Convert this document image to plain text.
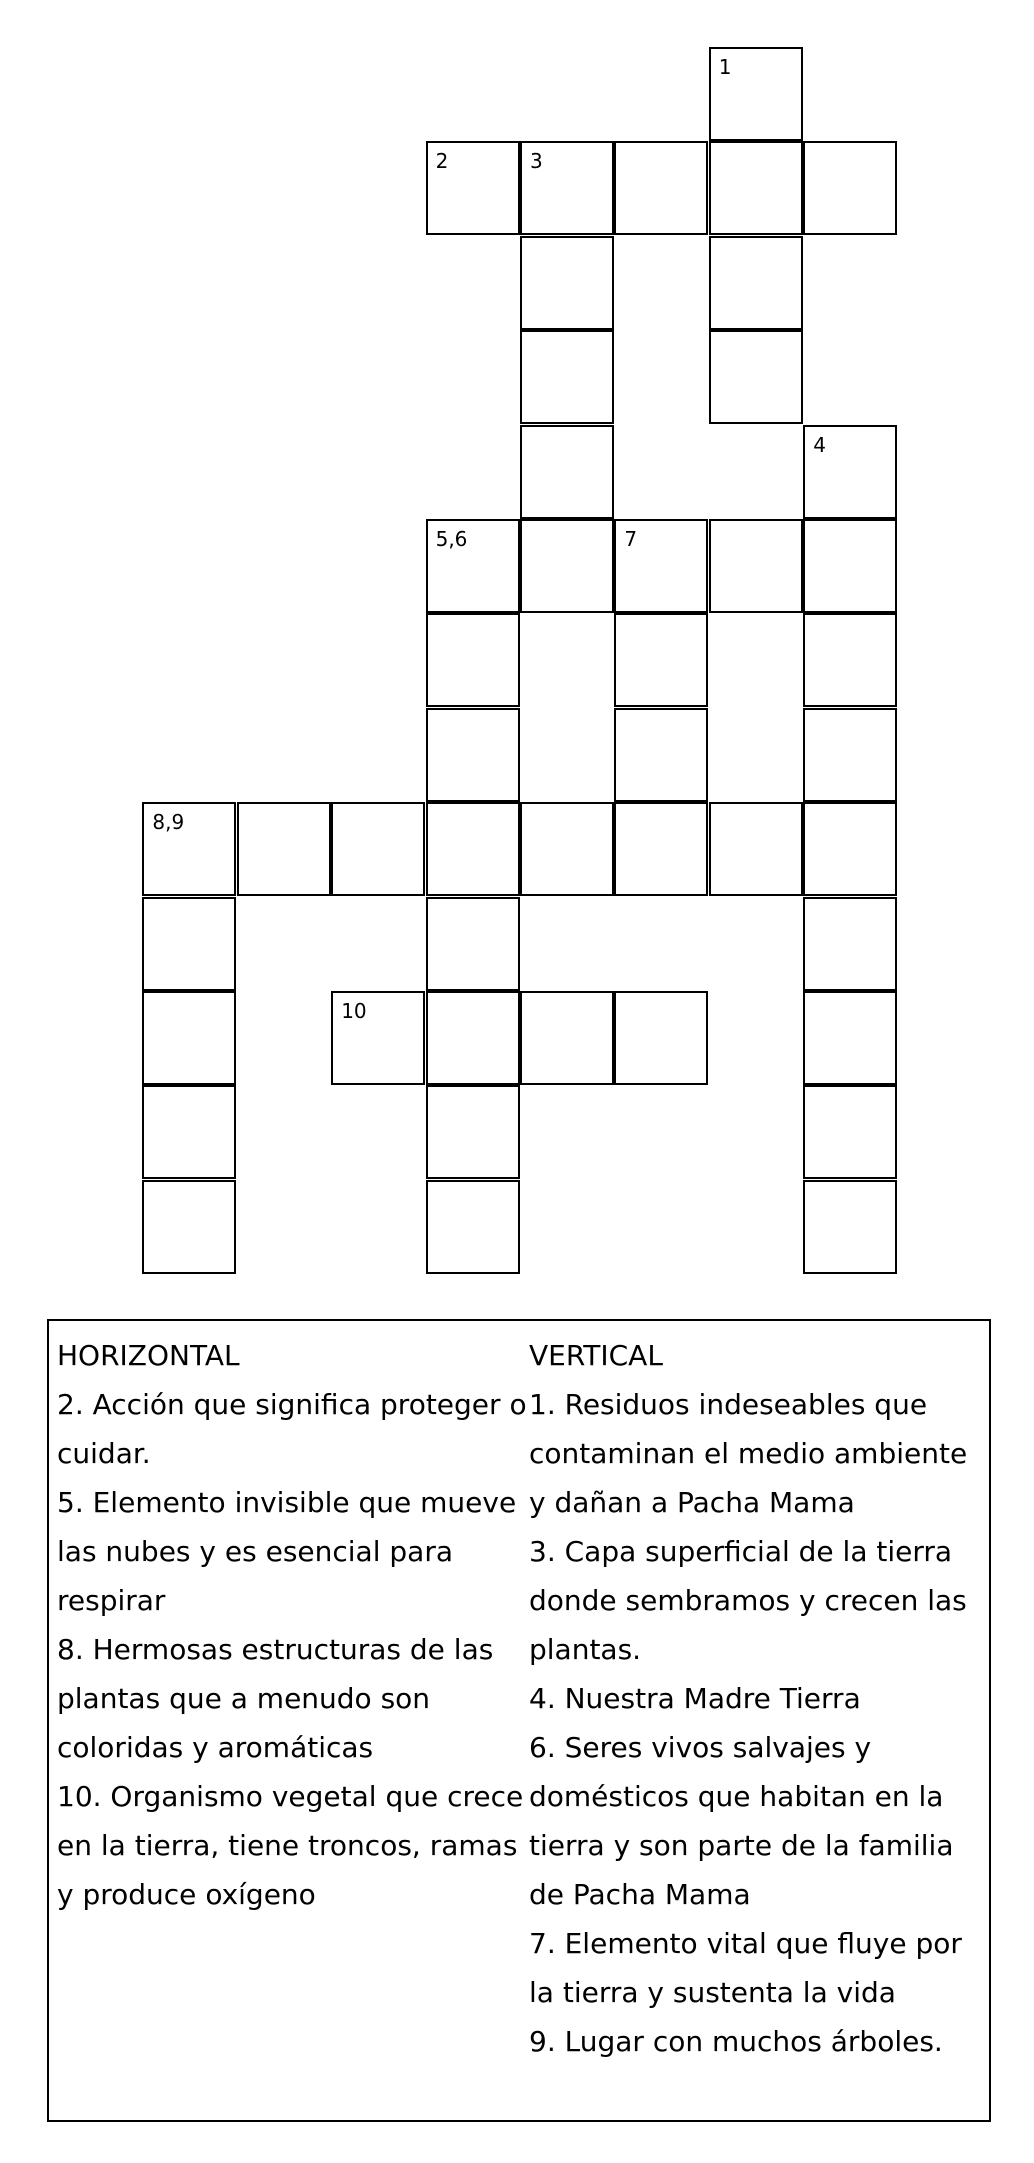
1
2	3
4
5,6	7
8,9
10
HORIZONTAL
2. Acción que significa proteger o cuidar.
5. Elemento invisible que mueve las nubes y es esencial para respirar
8. Hermosas estructuras de las plantas que a menudo son coloridas y aromáticas
10. Organismo vegetal que crece en la tierra, tiene troncos, ramas y produce oxígeno
VERTICAL
1. Residuos indeseables que contaminan el medio ambiente y dañan a Pacha Mama
3. Capa superficial de la tierra donde sembramos y crecen las plantas.
4. Nuestra Madre Tierra
6. Seres vivos salvajes y domésticos que habitan en la tierra y son parte de la familia de Pacha Mama
7. Elemento vital que fluye por la tierra y sustenta la vida
9. Lugar con muchos árboles.
